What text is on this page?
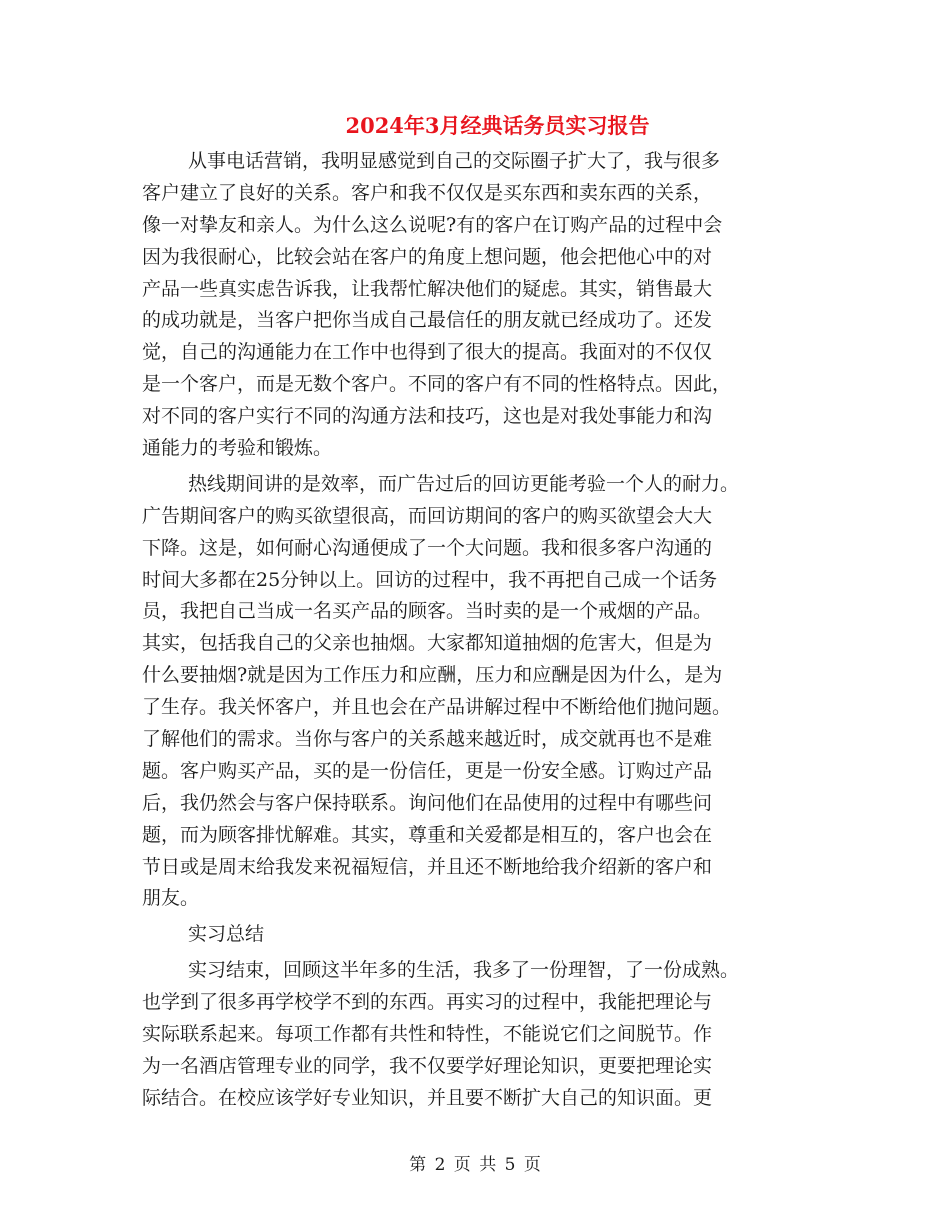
2024年3月经典话务员实习报告
从事电话营销，我明显感觉到自己的交际圈子扩大了，我与很多
客户建立了良好的关系。客户和我不仅仅是买东西和卖东西的关系，
像一对挚友和亲人。为什么这么说呢?有的客户在订购产品的过程中会
因为我很耐心，比较会站在客户的角度上想问题，他会把他心中的对
产品一些真实虑告诉我，让我帮忙解决他们的疑虑。其实，销售最大
的成功就是，当客户把你当成自己最信任的朋友就已经成功了。还发
觉，自己的沟通能力在工作中也得到了很大的提高。我面对的不仅仅
是一个客户，而是无数个客户。不同的客户有不同的性格特点。因此，
对不同的客户实行不同的沟通方法和技巧，这也是对我处事能力和沟
通能力的考验和锻炼。
热线期间讲的是效率，而广告过后的回访更能考验一个人的耐力。
广告期间客户的购买欲望很高，而回访期间的客户的购买欲望会大大
下降。这是，如何耐心沟通便成了一个大问题。我和很多客户沟通的
时间大多都在25分钟以上。回访的过程中，我不再把自己成一个话务
员，我把自己当成一名买产品的顾客。当时卖的是一个戒烟的产品。
其实，包括我自己的父亲也抽烟。大家都知道抽烟的危害大，但是为
什么要抽烟?就是因为工作压力和应酬，压力和应酬是因为什么，是为
了生存。我关怀客户，并且也会在产品讲解过程中不断给他们抛问题。
了解他们的需求。当你与客户的关系越来越近时，成交就再也不是难
题。客户购买产品，买的是一份信任，更是一份安全感。订购过产品
后，我仍然会与客户保持联系。询问他们在品使用的过程中有哪些问
题，而为顾客排忧解难。其实，尊重和关爱都是相互的，客户也会在
节日或是周末给我发来祝福短信，并且还不断地给我介绍新的客户和
朋友。
实习总结
实习结束，回顾这半年多的生活，我多了一份理智，了一份成熟。
也学到了很多再学校学不到的东西。再实习的过程中，我能把理论与
实际联系起来。每项工作都有共性和特性，不能说它们之间脱节。作
为一名酒店管理专业的同学，我不仅要学好理论知识，更要把理论实
际结合。在校应该学好专业知识，并且要不断扩大自己的知识面。更
第 2 页 共 5 页
